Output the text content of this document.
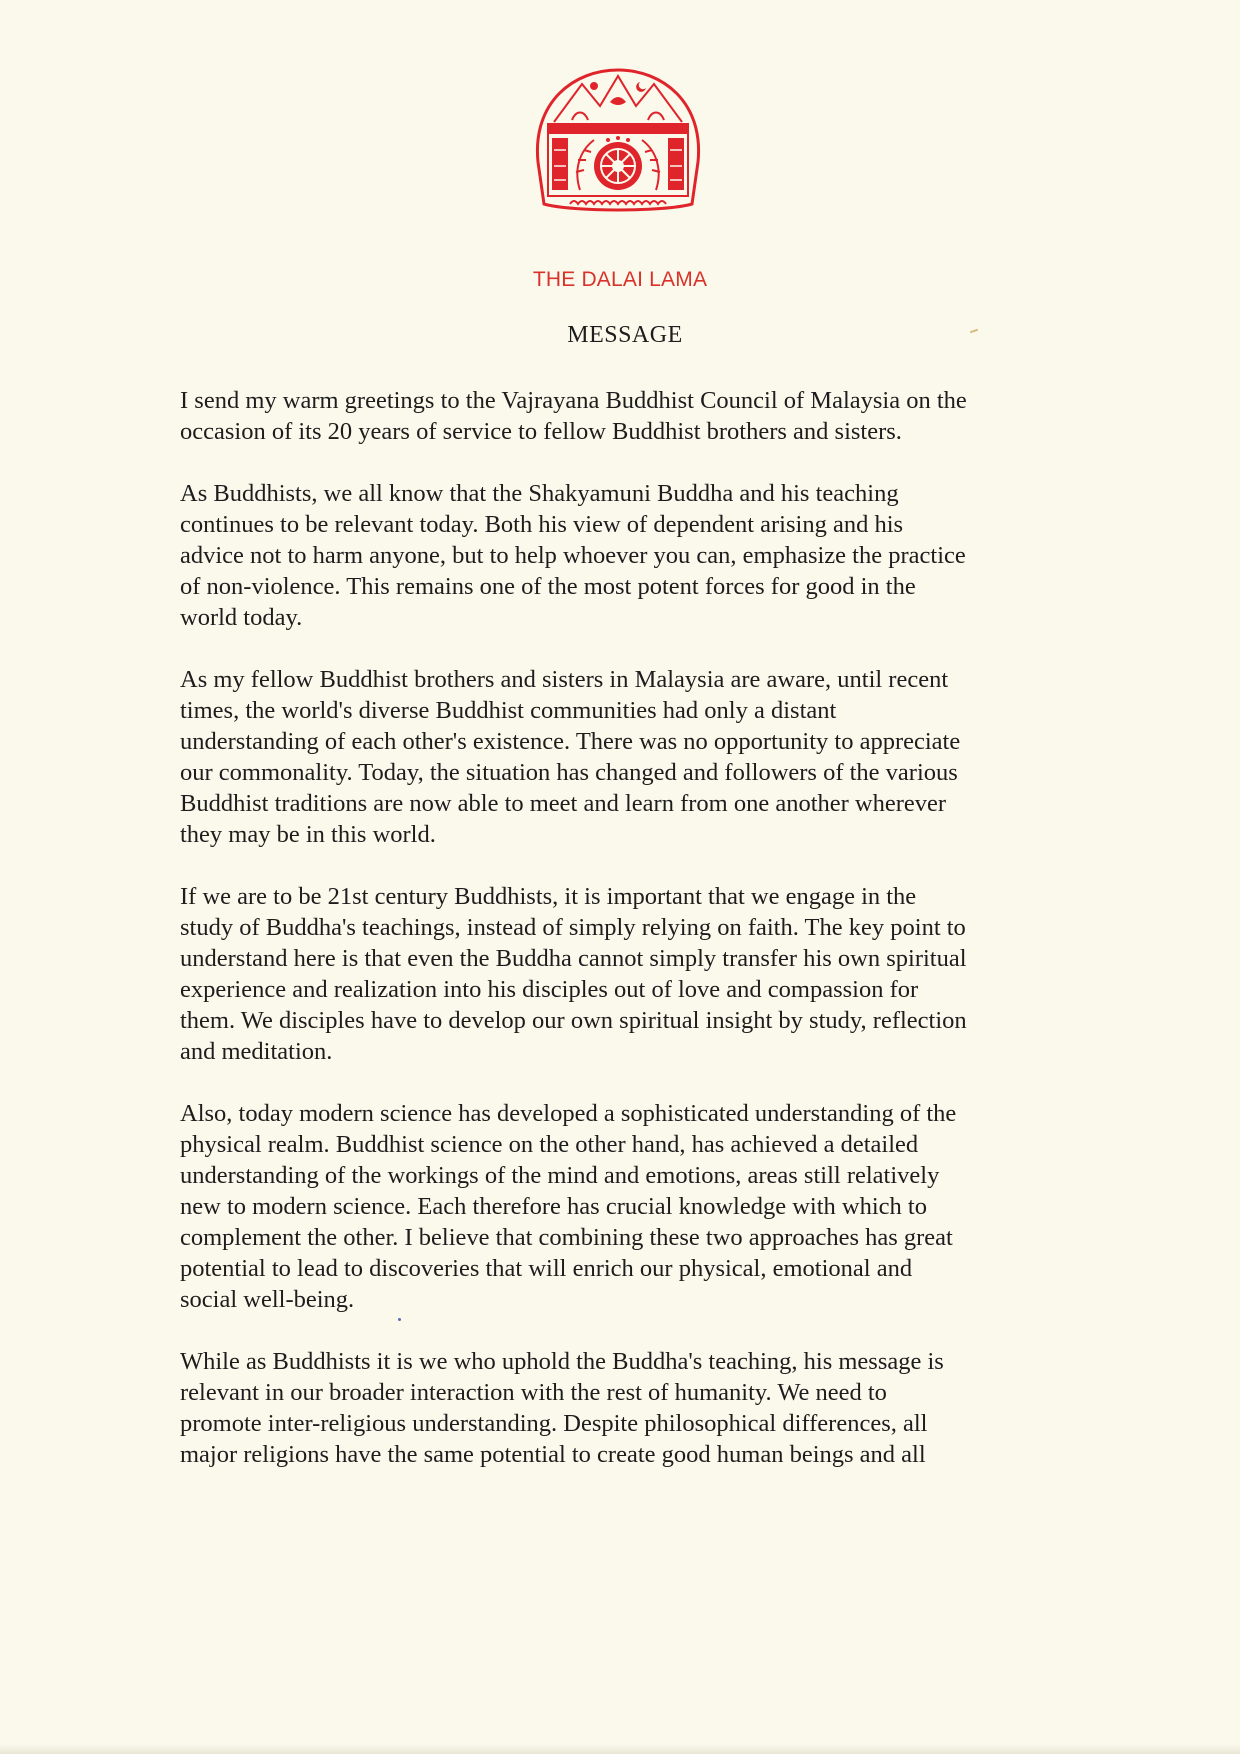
THE DALAI LAMA
MESSAGE
I send my warm greetings to the Vajrayana Buddhist Council of Malaysia on the
occasion of its 20 years of service to fellow Buddhist brothers and sisters.
As Buddhists, we all know that the Shakyamuni Buddha and his teaching
continues to be relevant today. Both his view of dependent arising and his
advice not to harm anyone, but to help whoever you can, emphasize the practice
of non-violence. This remains one of the most potent forces for good in the
world today.
As my fellow Buddhist brothers and sisters in Malaysia are aware, until recent
times, the world's diverse Buddhist communities had only a distant
understanding of each other's existence. There was no opportunity to appreciate
our commonality. Today, the situation has changed and followers of the various
Buddhist traditions are now able to meet and learn from one another wherever
they may be in this world.
If we are to be 21st century Buddhists, it is important that we engage in the
study of Buddha's teachings, instead of simply relying on faith. The key point to
understand here is that even the Buddha cannot simply transfer his own spiritual
experience and realization into his disciples out of love and compassion for
them. We disciples have to develop our own spiritual insight by study, reflection
and meditation.
Also, today modern science has developed a sophisticated understanding of the
physical realm. Buddhist science on the other hand, has achieved a detailed
understanding of the workings of the mind and emotions, areas still relatively
new to modern science. Each therefore has crucial knowledge with which to
complement the other. I believe that combining these two approaches has great
potential to lead to discoveries that will enrich our physical, emotional and
social well-being.
While as Buddhists it is we who uphold the Buddha's teaching, his message is
relevant in our broader interaction with the rest of humanity. We need to
promote inter-religious understanding. Despite philosophical differences, all
major religions have the same potential to create good human beings and all
